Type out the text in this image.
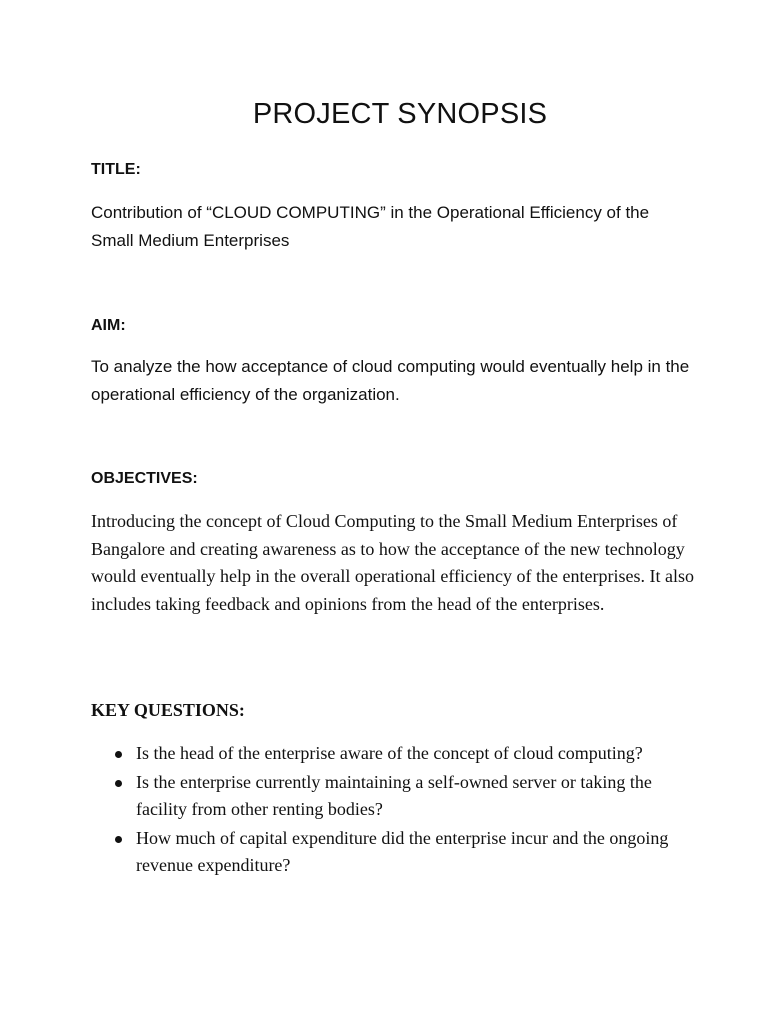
PROJECT SYNOPSIS
TITLE:

Contribution of “CLOUD COMPUTING” in the Operational Efficiency of the Small Medium Enterprises

AIM:

To analyze the how acceptance of cloud computing would eventually help in the operational efficiency of the organization.

OBJECTIVES:

Introducing the concept of Cloud Computing to the Small Medium Enterprises of Bangalore and creating awareness as to how the acceptance of the new technology would eventually help in the overall operational efficiency of the enterprises. It also includes taking feedback and opinions from the head of the enterprises.

KEY QUESTIONS:
Is the head of the enterprise aware of the concept of cloud computing?
Is the enterprise currently maintaining a self-owned server or taking the facility from other renting bodies?
How much of capital expenditure did the enterprise incur and the ongoing revenue expenditure?
